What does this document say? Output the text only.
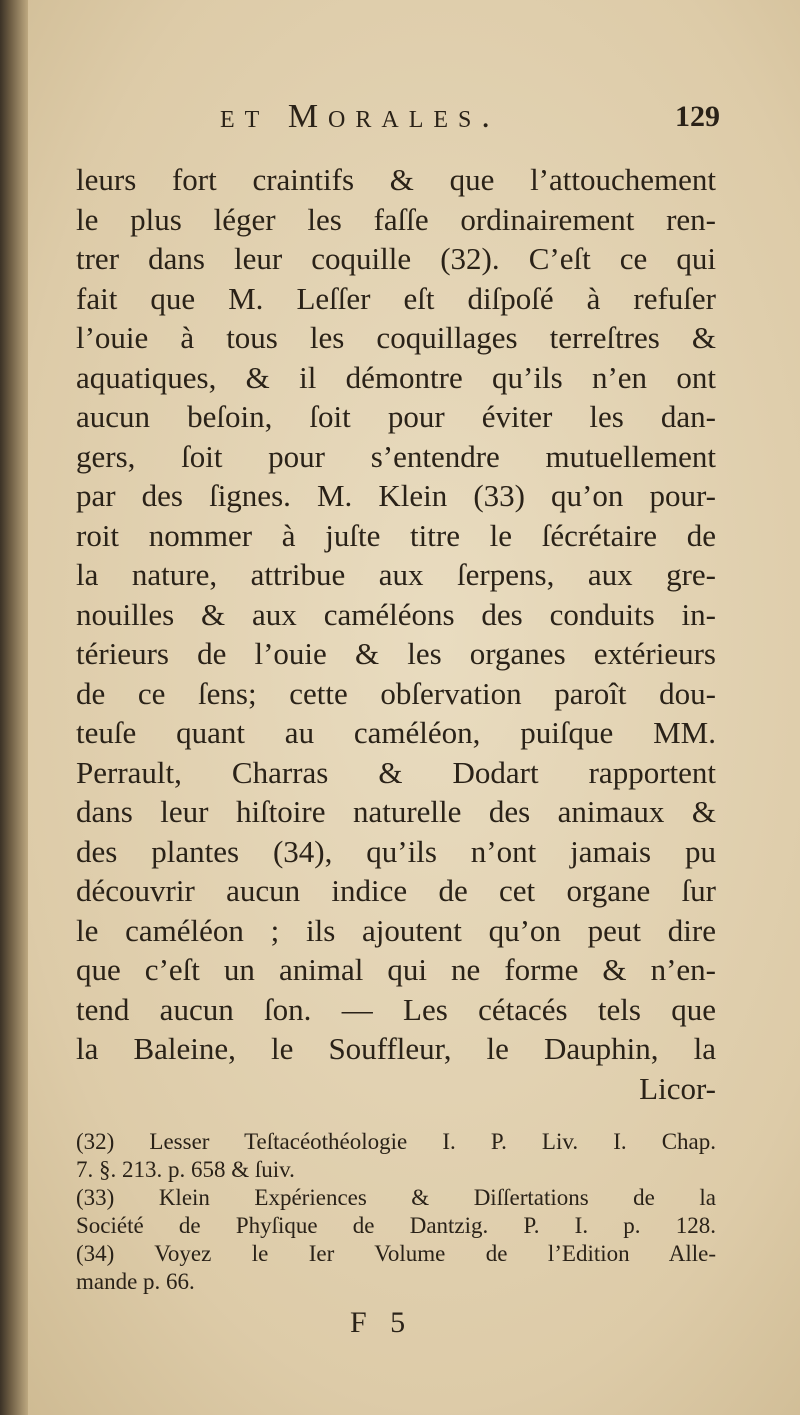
et Morales.	129
leurs fort craintifs & que l’attouchement
le plus léger les faſſe ordinairement ren-
trer dans leur coquille (32). C’eſt ce qui
fait que M. Leſſer eſt diſpoſé à refuſer
l’ouie à tous les coquillages terreſtres &
aquatiques, & il démontre qu’ils n’en ont
aucun beſoin, ſoit pour éviter les dan-
gers, ſoit pour s’entendre mutuellement
par des ſignes. M. Klein (33) qu’on pour-
roit nommer à juſte titre le ſécrétaire de
la nature, attribue aux ſerpens, aux gre-
nouilles & aux caméléons des conduits in-
térieurs de l’ouie & les organes extérieurs
de ce ſens; cette obſervation paroît dou-
teuſe quant au caméléon, puiſque MM.
Perrault, Charras & Dodart rapportent
dans leur hiſtoire naturelle des animaux &
des plantes (34), qu’ils n’ont jamais pu
découvrir aucun indice de cet organe ſur
le caméléon ; ils ajoutent qu’on peut dire
que c’eſt un animal qui ne forme & n’en-
tend aucun ſon. — Les cétacés tels que
la Baleine, le Souffleur, le Dauphin, la
Licor-
(32) Lesser Teſtacéothéologie I. P. Liv. I. Chap.
7. §. 213. p. 658 & ſuiv.
(33) Klein Expériences & Diſſertations de la
Société de Phyſique de Dantzig. P. I. p. 128.
(34) Voyez le Ier Volume de l’Edition Alle-
mande p. 66.
F 5
